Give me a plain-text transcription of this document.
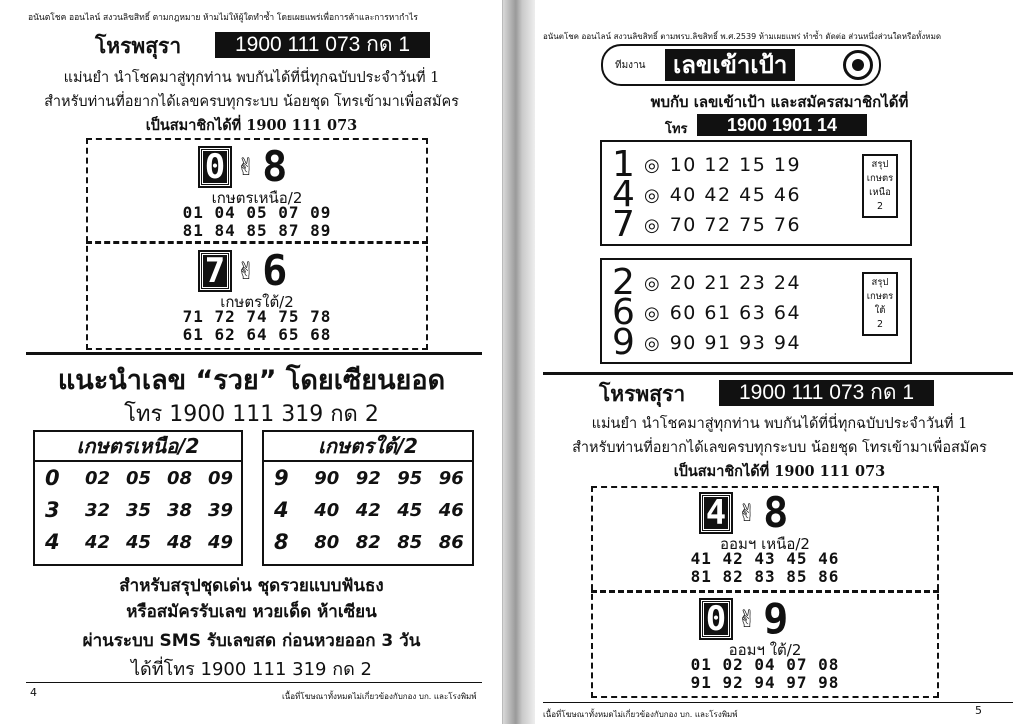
อนันตโชค ออนไลน์ สงวนลิขสิทธิ์ ตามกฎหมาย ห้ามไม่ให้ผู้ใดทำซ้ำ โดยเผยแพร่เพื่อการค้าและการหากำไร
โหรพสุรา	1900 111 073 กด 1
แม่นยำ นำโชคมาสู่ทุกท่าน พบกันได้ที่นี่ทุกฉบับประจำวันที่ 1
สำหรับท่านที่อยากได้เลขครบทุกระบบ น้อยชุด โทรเข้ามาเพื่อสมัคร
เป็นสมาชิกได้ที่ 1900 111 073
0 ✌ 8
เกษตรเหนือ/2
01 04 05 07 09
81 84 85 87 89
7 ✌ 6
เกษตรใต้/2
71 72 74 75 78
61 62 64 65 68
แนะนำเลข “รวย” โดยเซียนยอด
โทร 1900 111 319 กด 2
เกษตรเหนือ/2
0	02 05 08 09
3	32 35 38 39
4	42 45 48 49
เกษตรใต้/2
9	90 92 95 96
4	40 42 45 46
8	80 82 85 86
สำหรับสรุปชุดเด่น ชุดรวยแบบฟันธง
หรือสมัครรับเลข หวยเด็ด ห้าเซียน
ผ่านระบบ SMS รับเลขสด ก่อนหวยออก 3 วัน
ได้ที่โทร 1900 111 319 กด 2
4	เนื้อที่โฆษณาทั้งหมดไม่เกี่ยวข้องกับกอง บก. และโรงพิมพ์
อนันตโชค ออนไลน์ สงวนลิขสิทธิ์ ตามพรบ.ลิขสิทธิ์ พ.ศ.2539 ห้ามเผยแพร่ ทำซ้ำ ดัดต่อ ส่วนหนึ่งส่วนใดหรือทั้งหมด
ทีมงาน	เลขเข้าเป้า
พบกับ เลขเข้าเป้า และสมัครสมาชิกได้ที่
โทร	1900 1901 14
1 ◎ 10 12 15 19
4 ◎ 40 42 45 46
7 ◎ 70 72 75 76
สรุป
เกษตร
เหนือ
2
2 ◎ 20 21 23 24
6 ◎ 60 61 63 64
9 ◎ 90 91 93 94
สรุป
เกษตร
ใต้
2
โหรพสุรา	1900 111 073 กด 1
แม่นยำ นำโชคมาสู่ทุกท่าน พบกันได้ที่นี่ทุกฉบับประจำวันที่ 1
สำหรับท่านที่อยากได้เลขครบทุกระบบ น้อยชุด โทรเข้ามาเพื่อสมัคร
เป็นสมาชิกได้ที่ 1900 111 073
4 ✌ 8
ออมฯ เหนือ/2
41 42 43 45 46
81 82 83 85 86
0 ✌ 9
ออมฯ ใต้/2
01 02 04 07 08
91 92 94 97 98
เนื้อที่โฆษณาทั้งหมดไม่เกี่ยวข้องกับกอง บก. และโรงพิมพ์	5
